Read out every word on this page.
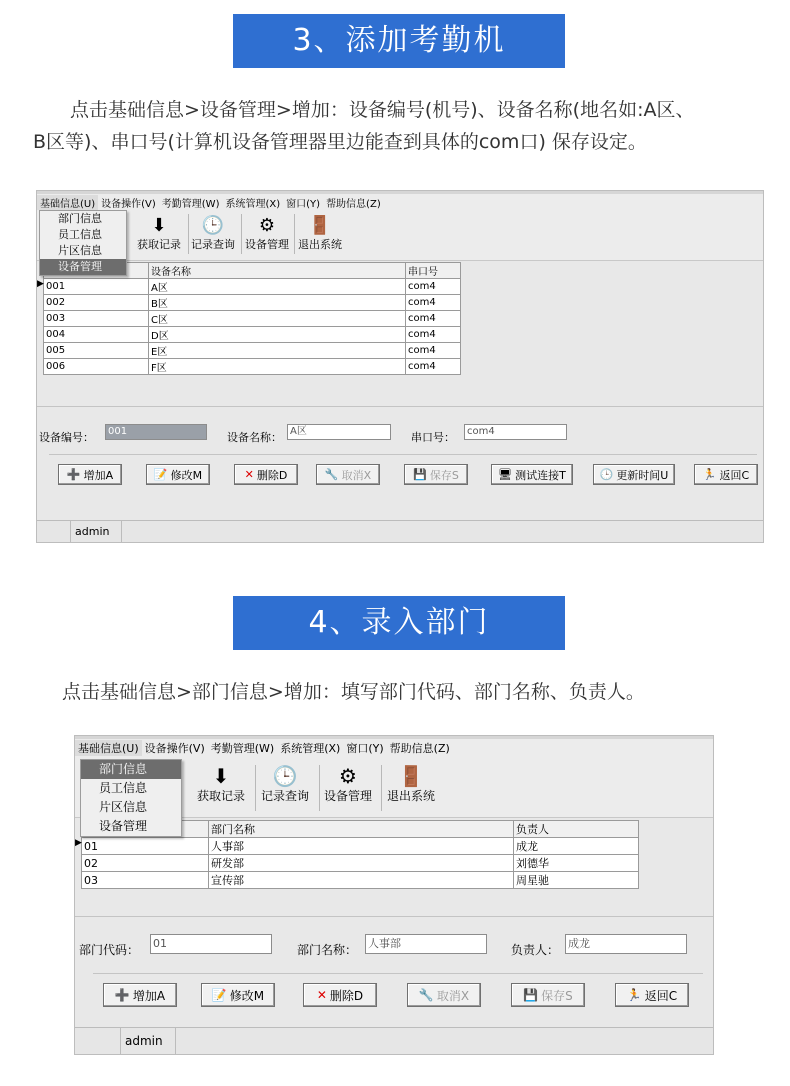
3、添加考勤机
点击基础信息>设备管理>增加：设备编号(机号)、设备名称(地名如:A区、
B区等)、串口号(计算机设备管理器里边能查到具体的com口) 保存设定。
基础信息(U) 设备操作(V) 考勤管理(W) 系统管理(X) 窗口(Y) 帮助信息(Z)
⬇
获取记录
🕒
记录查询
⚙
设备管理
🚪
退出系统
	设备名称	串口号
001	A区	com4
002	B区	com4
003	C区	com4
004	D区	com4
005	E区	com4
006	F区	com4
▶
部门信息
员工信息
片区信息
设备管理
设备编号：	001	设备名称： A区	串口号：	com4
➕ 增加A	📝 修改M	✕ 删除D	🔧 取消X	💾 保存S	🖥 测试连接T	🕒 更新时间U	🏃 返回C
admin
4、录入部门
点击基础信息>部门信息>增加：填写部门代码、部门名称、负责人。
基础信息(U) 设备操作(V) 考勤管理(W) 系统管理(X) 窗口(Y) 帮助信息(Z)
⬇
获取记录
🕒
记录查询
⚙
设备管理
🚪
退出系统
	部门名称	负责人
01	人事部	成龙
02	研发部	刘德华
03	宣传部	周星驰
▶
部门信息
员工信息
片区信息
设备管理
部门代码： 01	部门名称： 人事部	负责人： 成龙
➕ 增加A	📝 修改M	✕ 删除D	🔧 取消X	💾 保存S	🏃 返回C
admin
